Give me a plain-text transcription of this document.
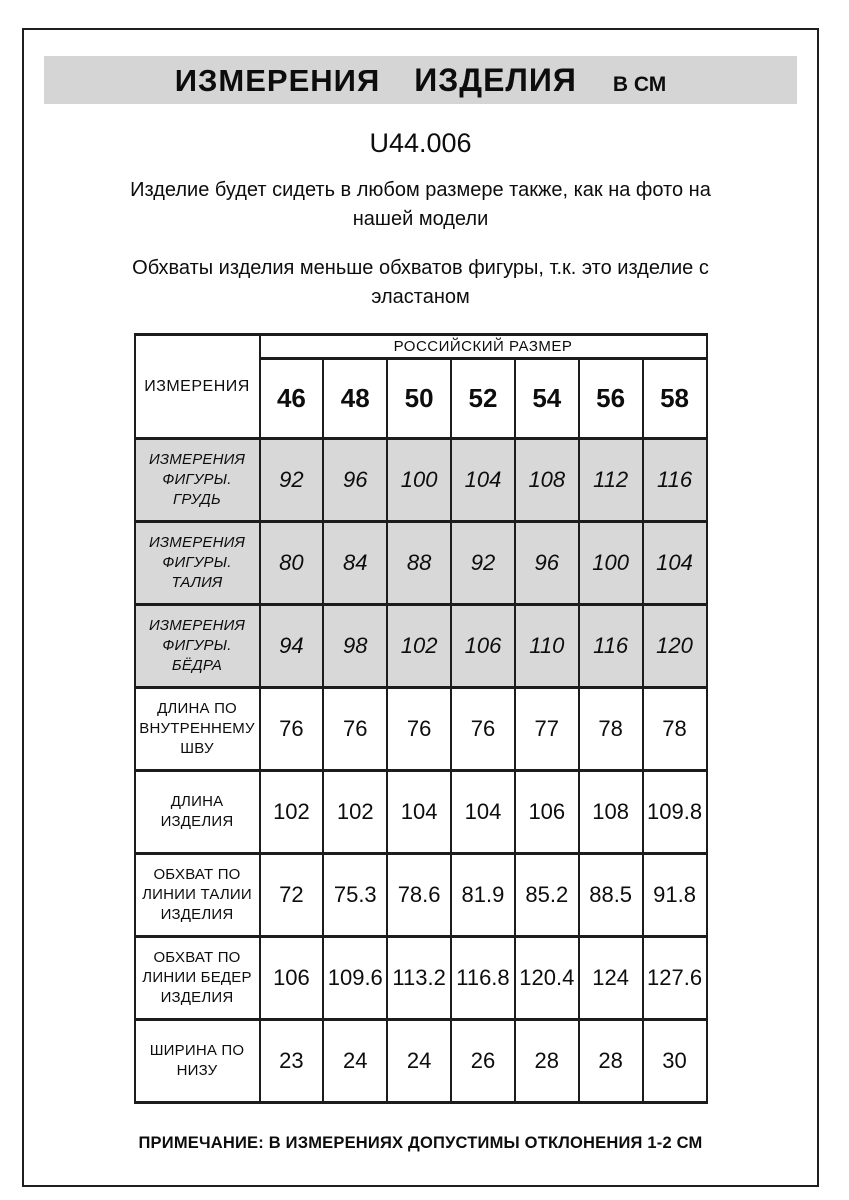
ИЗМЕРЕНИЯ ИЗДЕЛИЯ В СМ
U44.006

Изделие будет сидеть в любом размере также, как на фото на нашей модели

Обхваты изделия меньше обхватов фигуры, т.к. это изделие с эластаном

ИЗМЕРЕНИЯ	РОССИЙСКИЙ РАЗМЕР						
	46	48	50	52	54	56	58
ИЗМЕРЕНИЯ ФИГУРЫ. ГРУДЬ	92	96	100	104	108	112	116
ИЗМЕРЕНИЯ ФИГУРЫ. ТАЛИЯ	80	84	88	92	96	100	104
ИЗМЕРЕНИЯ ФИГУРЫ. БЁДРА	94	98	102	106	110	116	120
ДЛИНА ПО ВНУТРЕННЕМУ ШВУ	76	76	76	76	77	78	78
ДЛИНА ИЗДЕЛИЯ	102	102	104	104	106	108	109.8
ОБХВАТ ПО ЛИНИИ ТАЛИИ ИЗДЕЛИЯ	72	75.3	78.6	81.9	85.2	88.5	91.8
ОБХВАТ ПО ЛИНИИ БЕДЕР ИЗДЕЛИЯ	106	109.6	113.2	116.8	120.4	124	127.6
ШИРИНА ПО НИЗУ	23	24	24	26	28	28	30
ПРИМЕЧАНИЕ: В ИЗМЕРЕНИЯХ ДОПУСТИМЫ ОТКЛОНЕНИЯ 1-2 СМ
